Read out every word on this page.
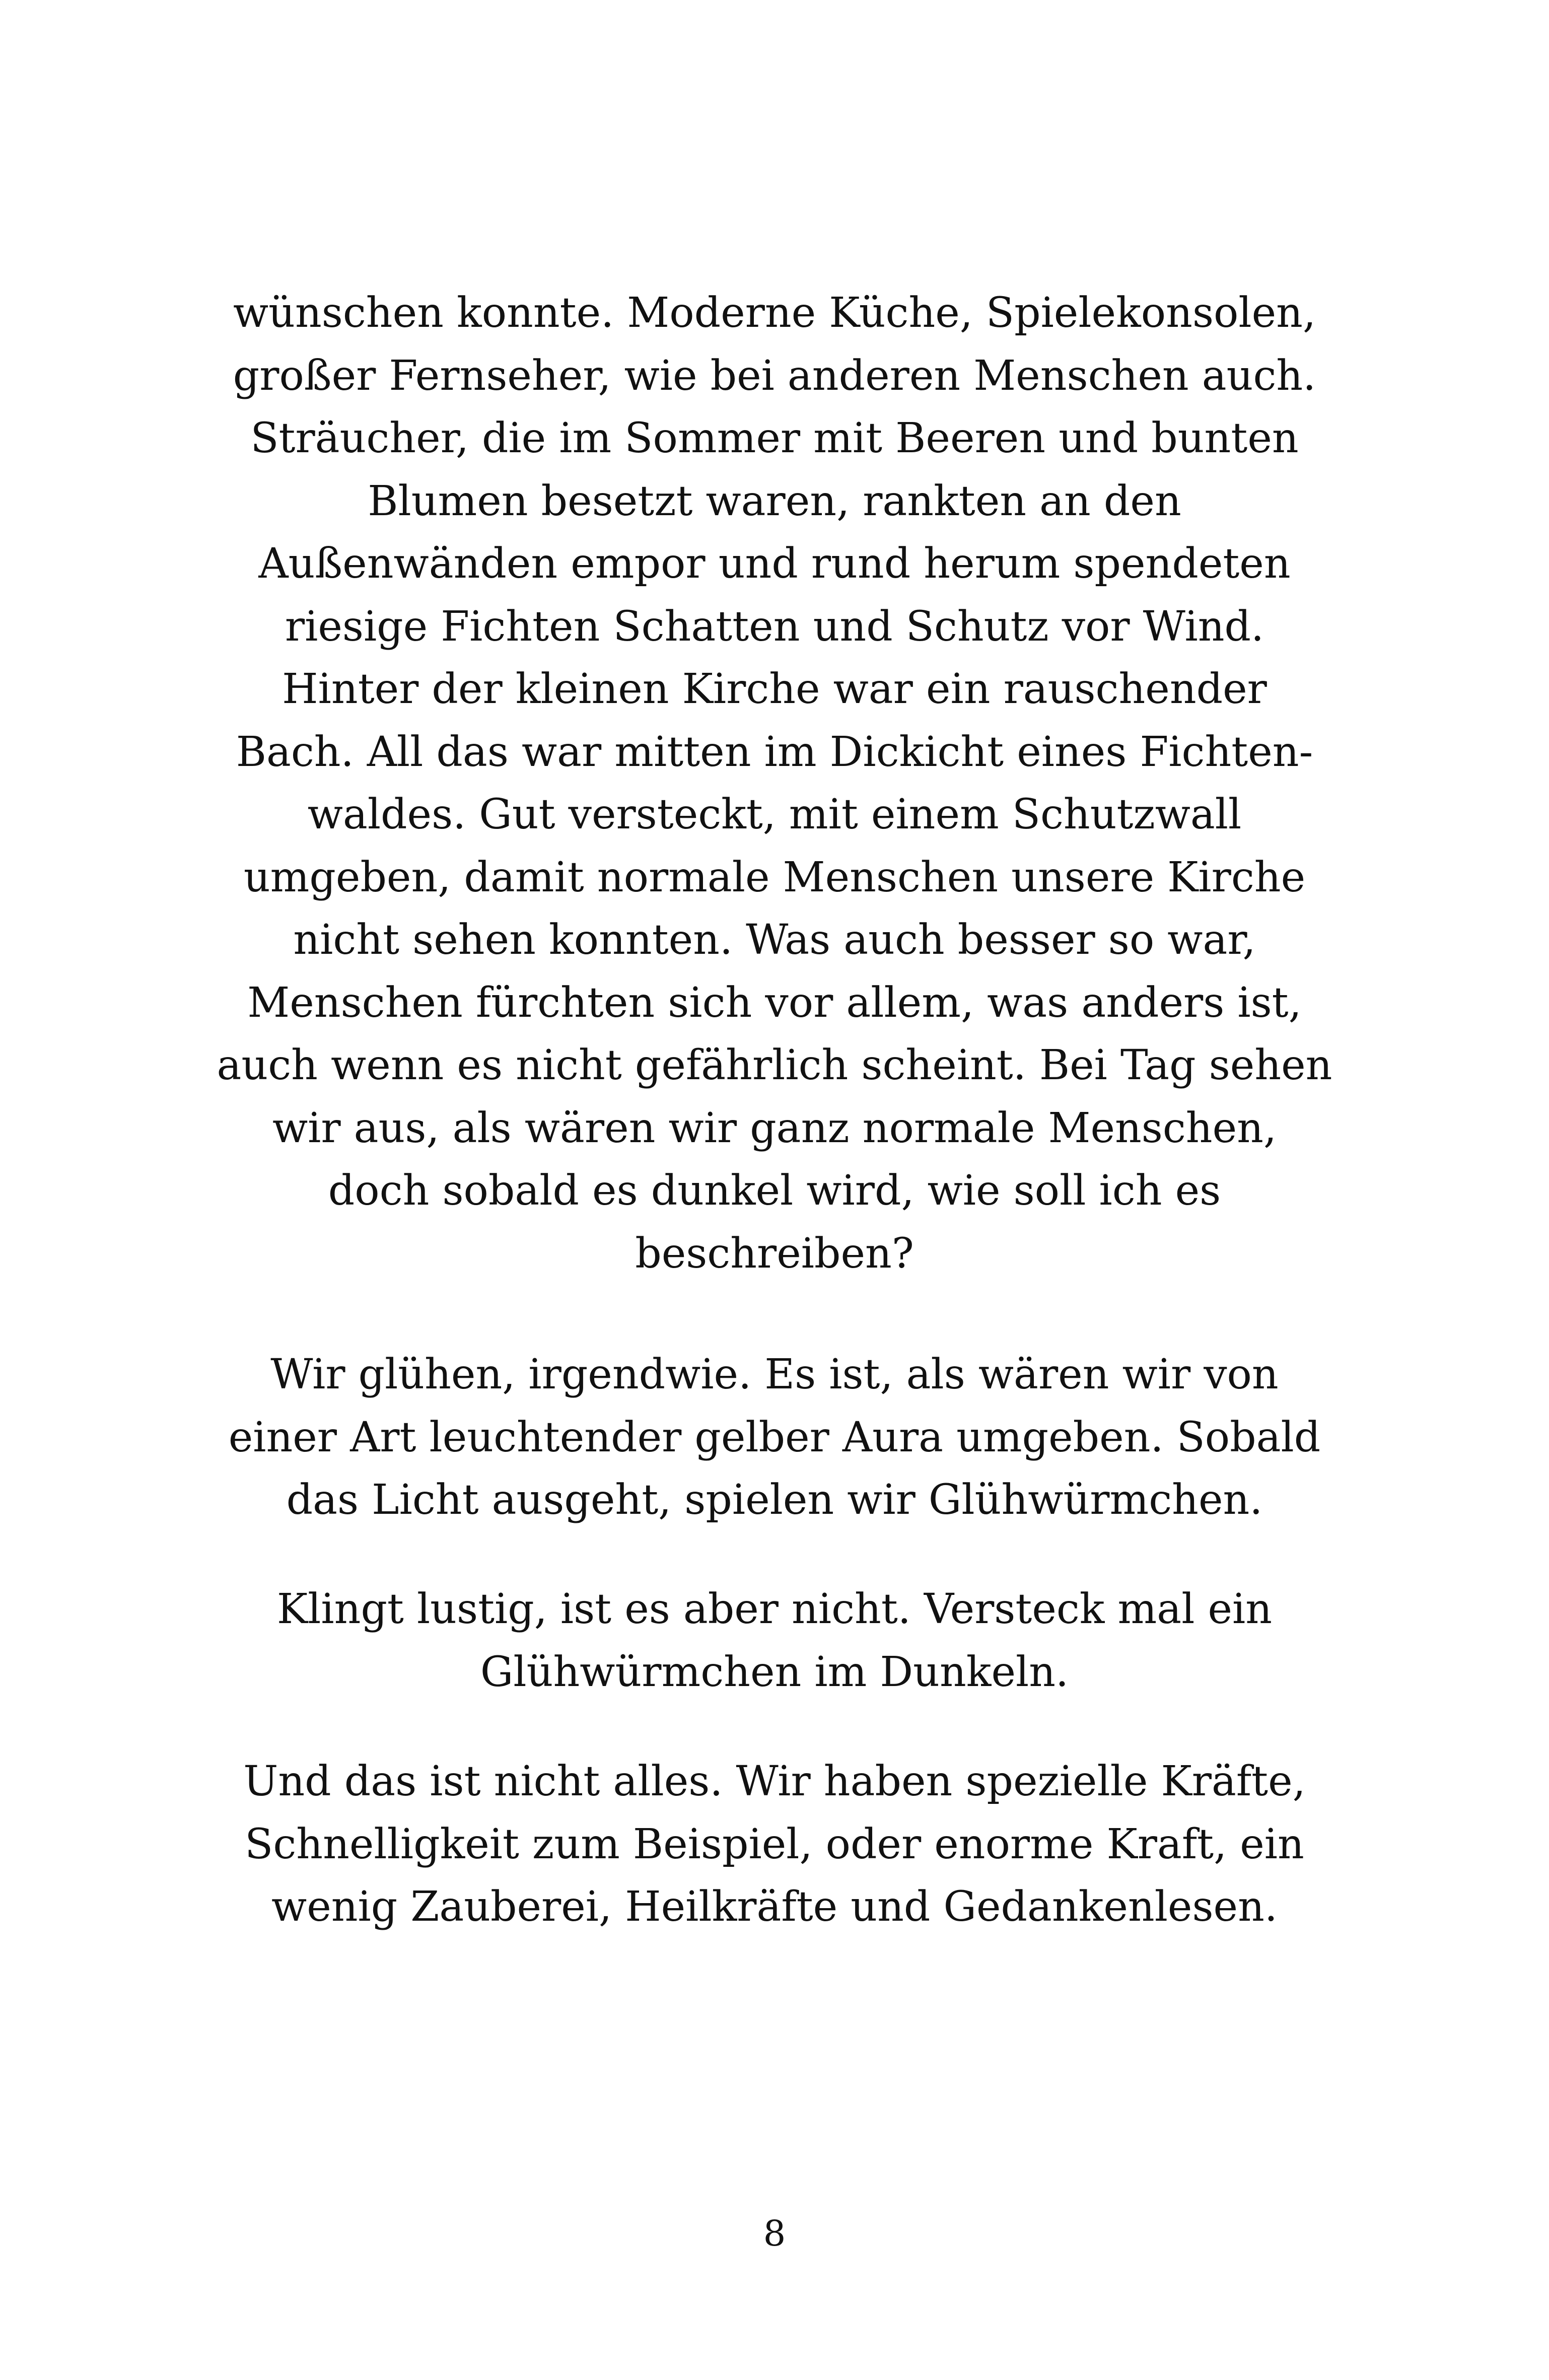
wünschen konnte. Moderne Küche, Spielekonsolen,
großer Fernseher, wie bei anderen Menschen auch.
Sträucher, die im Sommer mit Beeren und bunten
Blumen besetzt waren, rankten an den
Außenwänden empor und rund herum spendeten
riesige Fichten Schatten und Schutz vor Wind.
Hinter der kleinen Kirche war ein rauschender
Bach. All das war mitten im Dickicht eines Fichten-
waldes. Gut versteckt, mit einem Schutzwall
umgeben, damit normale Menschen unsere Kirche
nicht sehen konnten. Was auch besser so war,
Menschen fürchten sich vor allem, was anders ist,
auch wenn es nicht gefährlich scheint. Bei Tag sehen
wir aus, als wären wir ganz normale Menschen,
doch sobald es dunkel wird, wie soll ich es
beschreiben?

Wir glühen, irgendwie. Es ist, als wären wir von
einer Art leuchtender gelber Aura umgeben. Sobald
das Licht ausgeht, spielen wir Glühwürmchen.

Klingt lustig, ist es aber nicht. Versteck mal ein
Glühwürmchen im Dunkeln.

Und das ist nicht alles. Wir haben spezielle Kräfte,
Schnelligkeit zum Beispiel, oder enorme Kraft, ein
wenig Zauberei, Heilkräfte und Gedankenlesen.

8
